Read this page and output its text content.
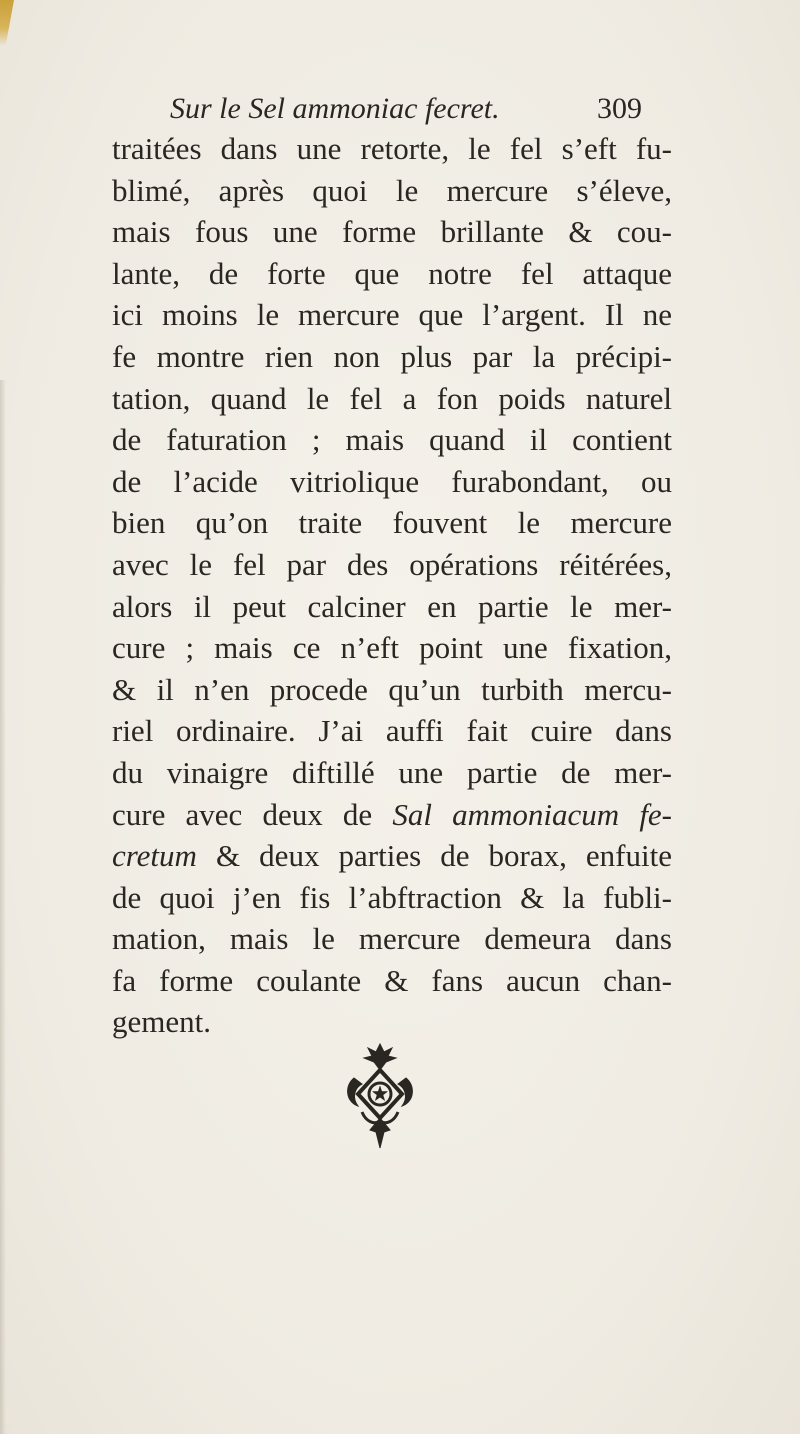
Sur le Sel ammoniac fecret.	309
traitées dans une retorte, le fel s’eft fu-
blimé, après quoi le mercure s’éleve,
mais fous une forme brillante & cou-
lante, de forte que notre fel attaque
ici moins le mercure que l’argent. Il ne
fe montre rien non plus par la précipi-
tation, quand le fel a fon poids naturel
de faturation ; mais quand il contient
de l’acide vitriolique furabondant, ou
bien qu’on traite fouvent le mercure
avec le fel par des opérations réitérées,
alors il peut calciner en partie le mer-
cure ; mais ce n’eft point une fixation,
& il n’en procede qu’un turbith mercu-
riel ordinaire. J’ai auffi fait cuire dans
du vinaigre diftillé une partie de mer-
cure avec deux de Sal ammoniacum fe-
cretum & deux parties de borax, enfuite
de quoi j’en fis l’abftraction & la fubli-
mation, mais le mercure demeura dans
fa forme coulante & fans aucun chan-
gement.
